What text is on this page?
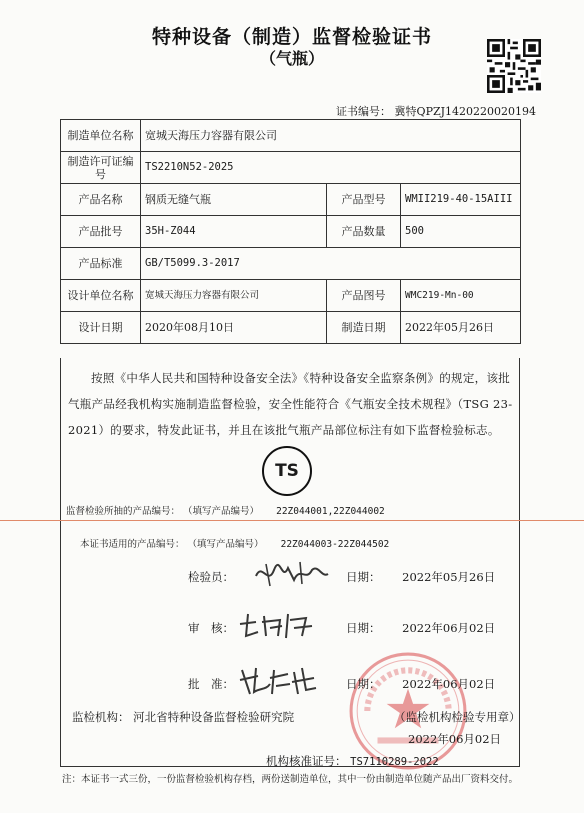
特种设备（制造）监督检验证书
（气瓶）
证书编号： 冀特QPZJ1420220020194
制造单位名称	宽城天海压力容器有限公司		
制造许可证编号	TS2210N52-2025		
产品名称	钢质无缝气瓶	产品型号	WMII219-40-15AIII
产品批号	35H-Z044	产品数量	500
产品标准	GB/T5099.3-2017		
设计单位名称	宽城天海压力容器有限公司	产品图号	WMC219-Mn-00
设计日期	2020年08月10日	制造日期	2022年05月26日
按照《中华人民共和国特种设备安全法》《特种设备安全监察条例》的规定，该批气瓶产品经我机构实施制造监督检验，安全性能符合《气瓶安全技术规程》（TSG 23-2021）的要求，特发此证书，并且在该批气瓶产品部位标注有如下监督检验标志。
TS
监督检验所抽的产品编号： （填写产品编号） 22Z044001,22Z044002
本证书适用的产品编号： （填写产品编号） 22Z044003-22Z044502
检验员：	日期： 2022年05月26日
审　核：	日期： 2022年06月02日
批　准：	日期： 2022年06月02日
监检机构： 河北省特种设备监督检验研究院	（监检机构检验专用章）
2022年06月02日
机构核准证号： TS7110289-2022
注：本证书一式三份，一份监督检验机构存档，两份送制造单位，其中一份由制造单位随产品出厂资料交付。
